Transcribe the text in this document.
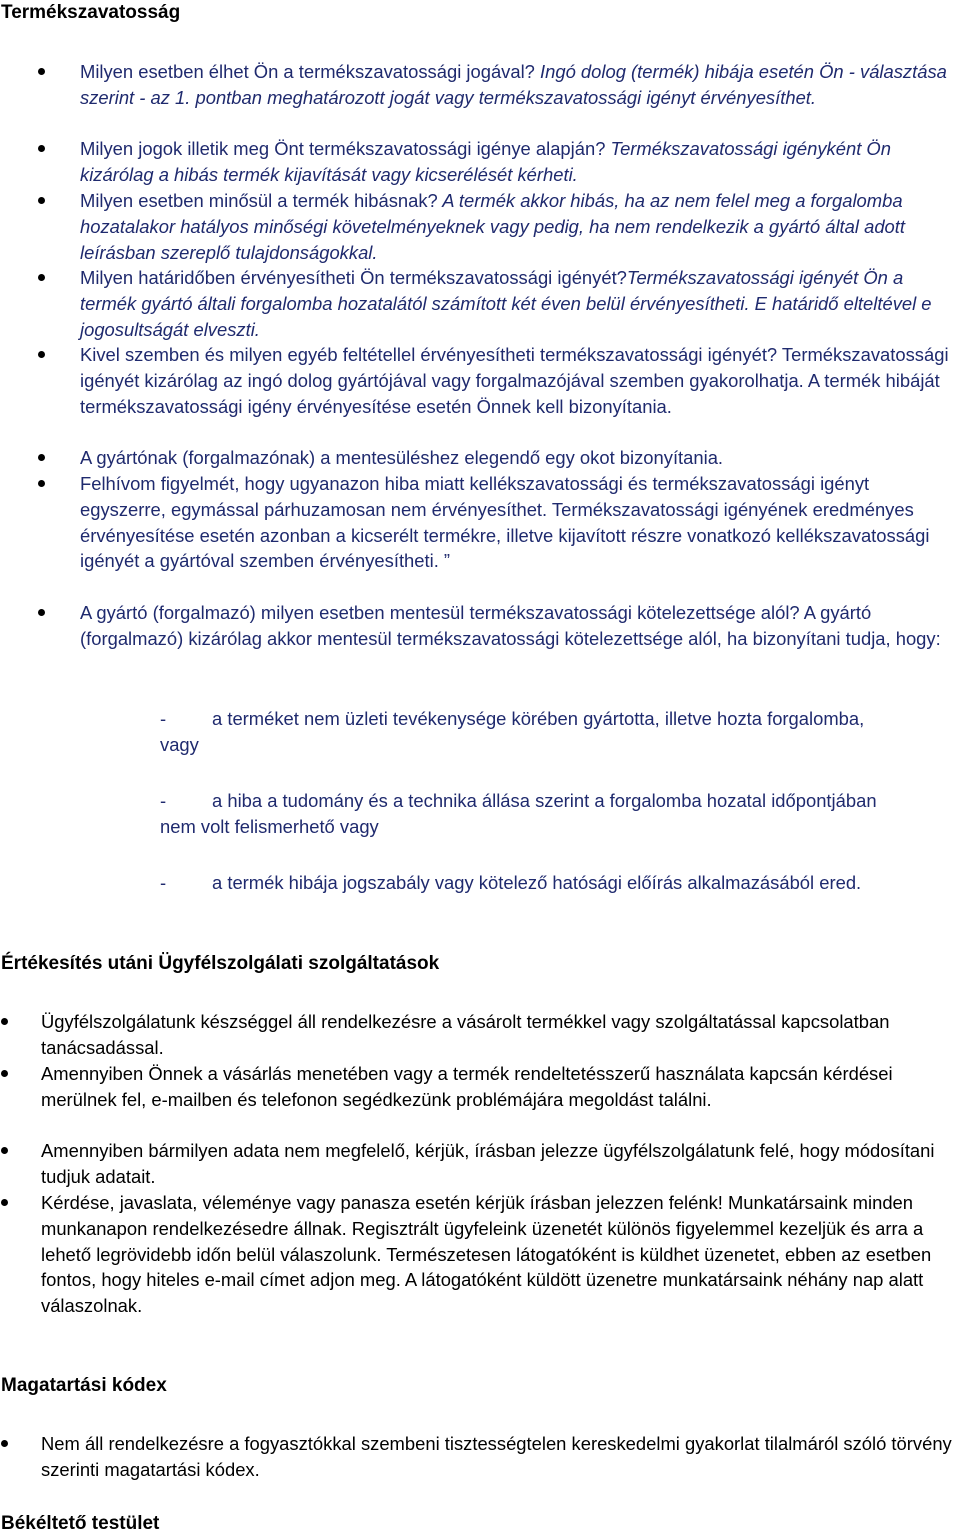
Termékszavatosság
Milyen esetben élhet Ön a termékszavatossági jogával? Ingó dolog (termék) hibája esetén Ön - választása szerint - az 1. pontban meghatározott jogát vagy termékszavatossági igényt érvényesíthet.
Milyen jogok illetik meg Önt termékszavatossági igénye alapján? Termékszavatossági igényként Ön kizárólag a hibás termék kijavítását vagy kicserélését kérheti.
Milyen esetben minősül a termék hibásnak? A termék akkor hibás, ha az nem felel meg a forgalomba hozatalakor hatályos minőségi követelményeknek vagy pedig, ha nem rendelkezik a gyártó által adott leírásban szereplő tulajdonságokkal.
Milyen határidőben érvényesítheti Ön termékszavatossági igényét?Termékszavatossági igényét Ön a termék gyártó általi forgalomba hozatalától számított két éven belül érvényesítheti. E határidő elteltével e jogosultságát elveszti.
Kivel szemben és milyen egyéb feltétellel érvényesítheti termékszavatossági igényét? Termékszavatossági igényét kizárólag az ingó dolog gyártójával vagy forgalmazójával szemben gyakorolhatja. A termék hibáját termékszavatossági igény érvényesítése esetén Önnek kell bizonyítania.
A gyártónak (forgalmazónak) a mentesüléshez elegendő egy okot bizonyítania.
Felhívom figyelmét, hogy ugyanazon hiba miatt kellékszavatossági és termékszavatossági igényt egyszerre, egymással párhuzamosan nem érvényesíthet. Termékszavatossági igényének eredményes érvényesítése esetén azonban a kicserélt termékre, illetve kijavított részre vonatkozó kellékszavatossági igényét a gyártóval szemben érvényesítheti. ”
A gyártó (forgalmazó) milyen esetben mentesül termékszavatossági kötelezettsége alól? A gyártó (forgalmazó) kizárólag akkor mentesül termékszavatossági kötelezettsége alól, ha bizonyítani tudja, hogy:
- a terméket nem üzleti tevékenysége körében gyártotta, illetve hozta forgalomba, vagy
- a hiba a tudomány és a technika állása szerint a forgalomba hozatal időpontjában nem volt felismerhető vagy
- a termék hibája jogszabály vagy kötelező hatósági előírás alkalmazásából ered.
Értékesítés utáni Ügyfélszolgálati szolgáltatások
Ügyfélszolgálatunk készséggel áll rendelkezésre a vásárolt termékkel vagy szolgáltatással kapcsolatban tanácsadással.
Amennyiben Önnek a vásárlás menetében vagy a termék rendeltetésszerű használata kapcsán kérdései merülnek fel, e-mailben és telefonon segédkezünk problémájára megoldást találni.
Amennyiben bármilyen adata nem megfelelő, kérjük, írásban jelezze ügyfélszolgálatunk felé, hogy módosítani tudjuk adatait.
Kérdése, javaslata, véleménye vagy panasza esetén kérjük írásban jelezzen felénk! Munkatársaink minden munkanapon rendelkezésedre állnak. Regisztrált ügyfeleink üzenetét különös figyelemmel kezeljük és arra a lehető legrövidebb időn belül válaszolunk. Természetesen látogatóként is küldhet üzenetet, ebben az esetben fontos, hogy hiteles e-mail címet adjon meg. A látogatóként küldött üzenetre munkatársaink néhány nap alatt válaszolnak.
Magatartási kódex
Nem áll rendelkezésre a fogyasztókkal szembeni tisztességtelen kereskedelmi gyakorlat tilalmáról szóló törvény szerinti magatartási kódex.
Békéltető testület
